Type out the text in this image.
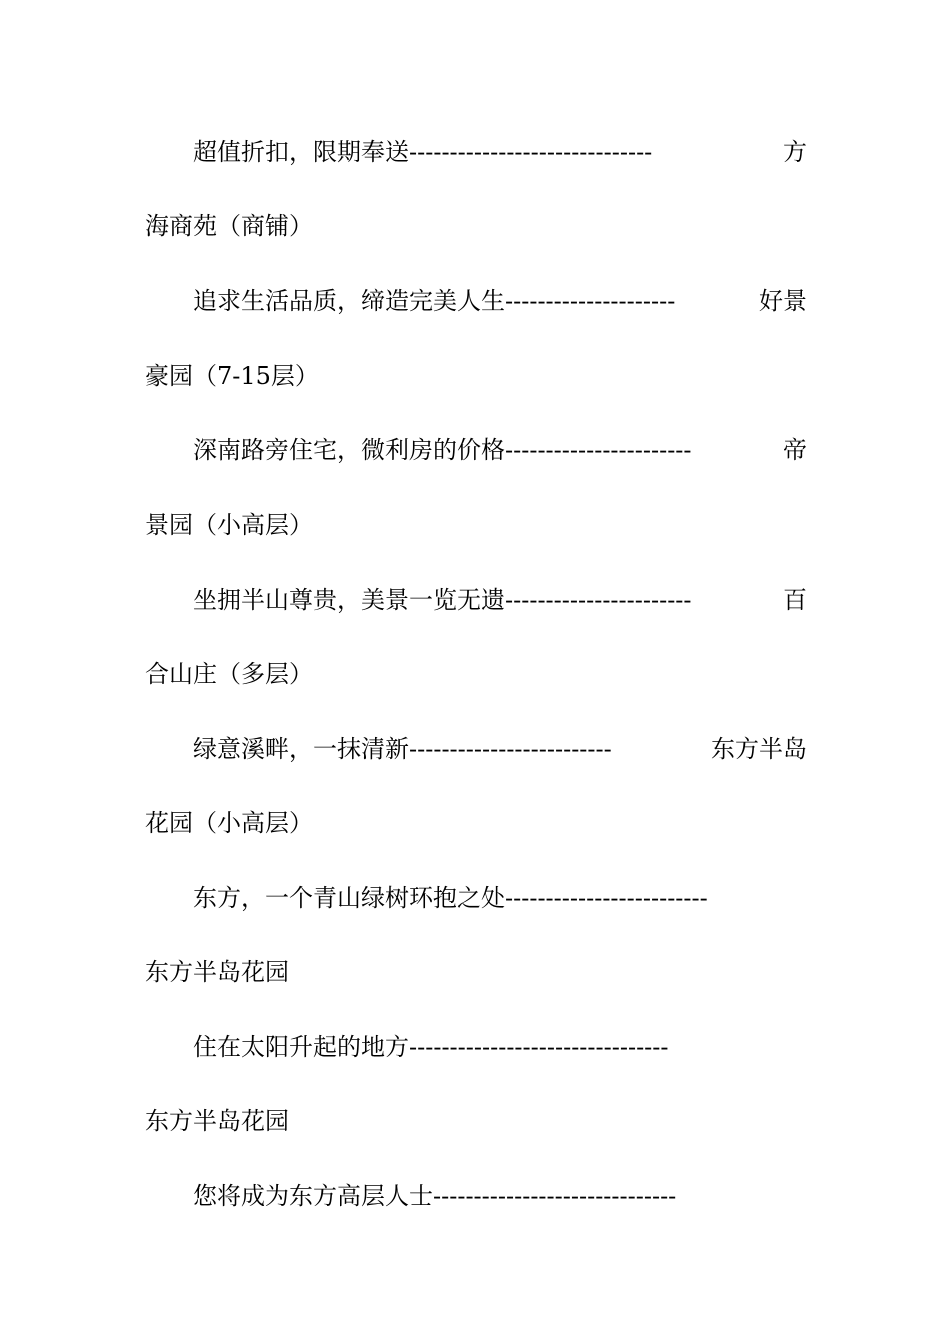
超值折扣，限期奉送 ------------------------------	方
海商苑（商铺）
追求生活品质，缔造完美人生 ---------------------	好景
豪园（7-15层）
深南路旁住宅，微利房的价格 -----------------------	帝
景园（小高层）
坐拥半山尊贵，美景一览无遗 -----------------------	百
合山庄（多层）
绿意溪畔，一抹清新 -------------------------	东方半岛
花园（小高层）
东方，一个青山绿树环抱之处 -------------------------
东方半岛花园
住在太阳升起的地方 --------------------------------
东方半岛花园
您将成为东方高层人士 ------------------------------
